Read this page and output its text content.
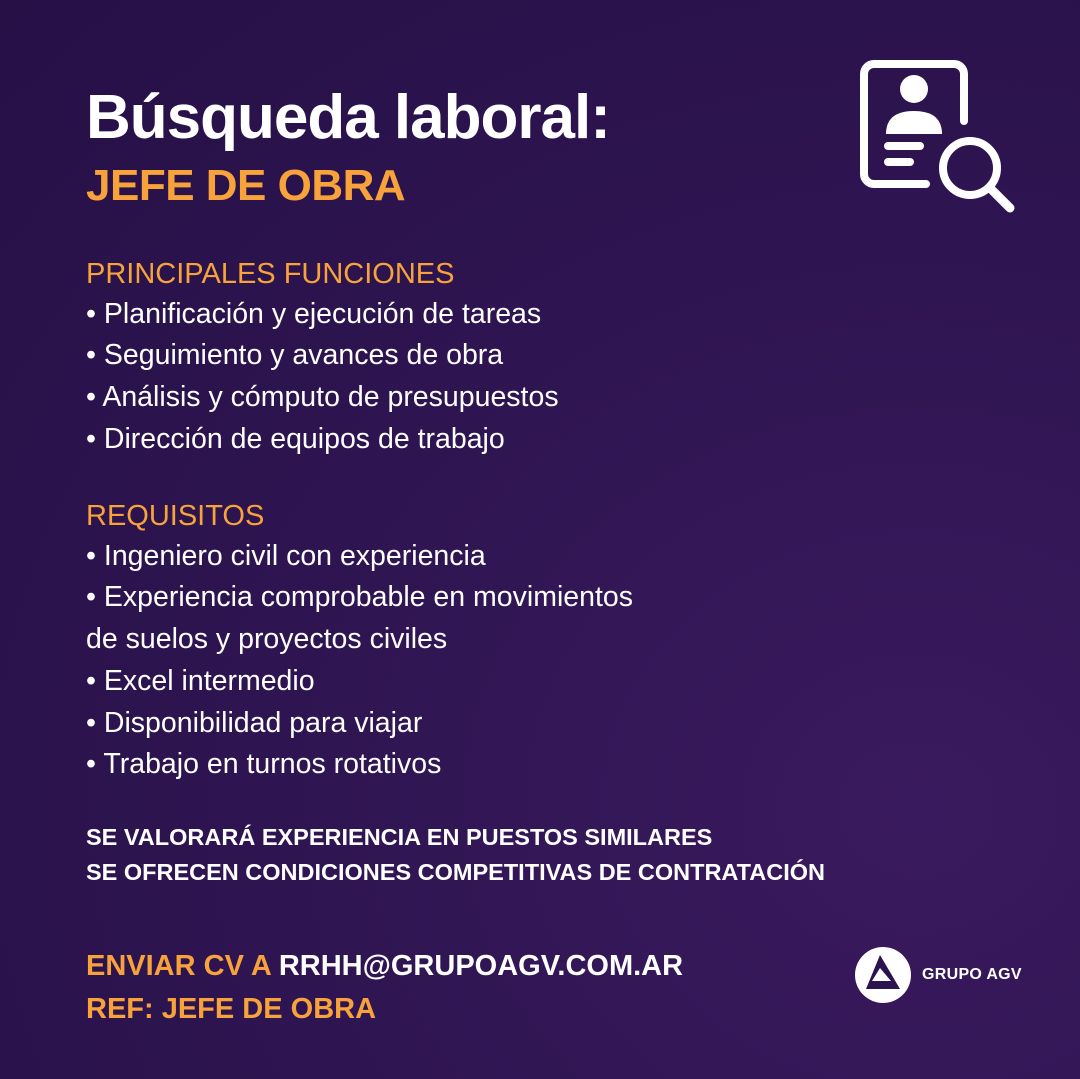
Búsqueda laboral:
JEFE DE OBRA

PRINCIPALES FUNCIONES

• Planificación y ejecución de tareas

• Seguimiento y avances de obra

• Análisis y cómputo de presupuestos

• Dirección de equipos de trabajo

REQUISITOS

• Ingeniero civil con experiencia

• Experiencia comprobable en movimientos

de suelos y proyectos civiles

• Excel intermedio

• Disponibilidad para viajar

• Trabajo en turnos rotativos

SE VALORARÁ EXPERIENCIA EN PUESTOS SIMILARES
SE OFRECEN CONDICIONES COMPETITIVAS DE CONTRATACIÓN
ENVIAR CV A RRHH@GRUPOAGV.COM.AR
REF: JEFE DE OBRA
GRUPO AGV
